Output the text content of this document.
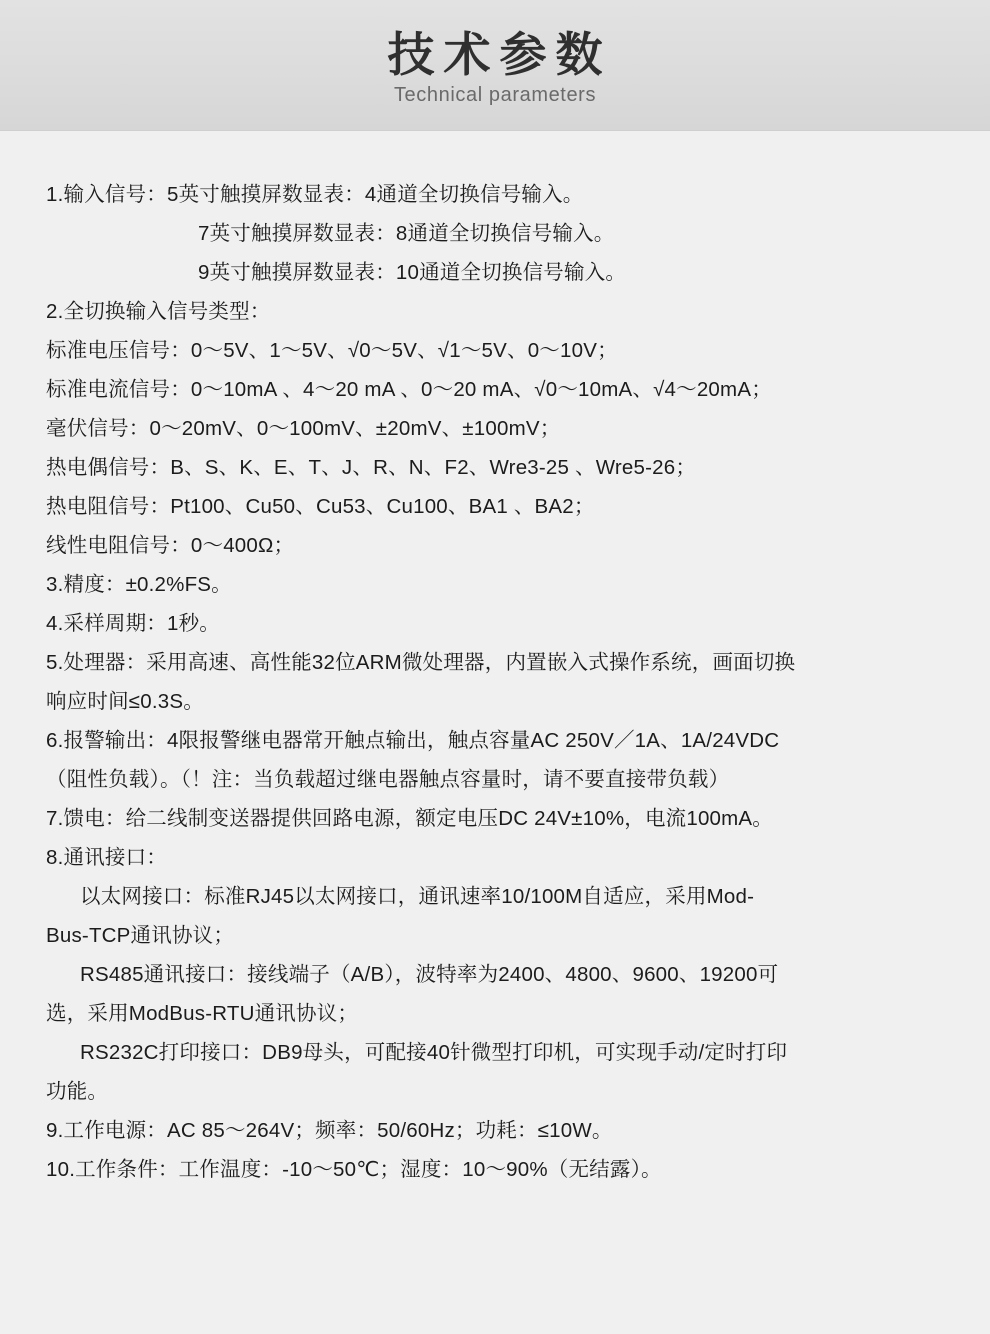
技术参数
Technical parameters
1.输入信号：5英寸触摸屏数显表：4通道全切换信号输入。
7英寸触摸屏数显表：8通道全切换信号输入。
9英寸触摸屏数显表：10通道全切换信号输入。
2.全切换输入信号类型：
标准电压信号：0～5V、1～5V、√0～5V、√1～5V、0～10V；
标准电流信号：0～10mA 、4～20 mA 、0～20 mA、√0～10mA、√4～20mA；
毫伏信号：0～20mV、0～100mV、±20mV、±100mV；
热电偶信号：B、S、K、E、T、J、R、N、F2、Wre3-25 、Wre5-26；
热电阻信号：Pt100、Cu50、Cu53、Cu100、BA1 、BA2；
线性电阻信号：0～400Ω；
3.精度：±0.2%FS。
4.采样周期：1秒。
5.处理器：采用高速、高性能32位ARM微处理器，内置嵌入式操作系统，画面切换
响应时间≤0.3S。
6.报警输出：4限报警继电器常开触点输出，触点容量AC 250V／1A、1A/24VDC
（阻性负载）。（！注：当负载超过继电器触点容量时，请不要直接带负载）
7.馈电：给二线制变送器提供回路电源，额定电压DC 24V±10%，电流100mA。
8.通讯接口：
以太网接口：标准RJ45以太网接口，通讯速率10/100M自适应，采用Mod-
Bus-TCP通讯协议；
RS485通讯接口：接线端子（A/B），波特率为2400、4800、9600、19200可
选，采用ModBus-RTU通讯协议；
RS232C打印接口：DB9母头，可配接40针微型打印机，可实现手动/定时打印
功能。
9.工作电源：AC 85～264V；频率：50/60Hz；功耗：≤10W。
10.工作条件：工作温度：-10～50℃；湿度：10～90%（无结露）。
